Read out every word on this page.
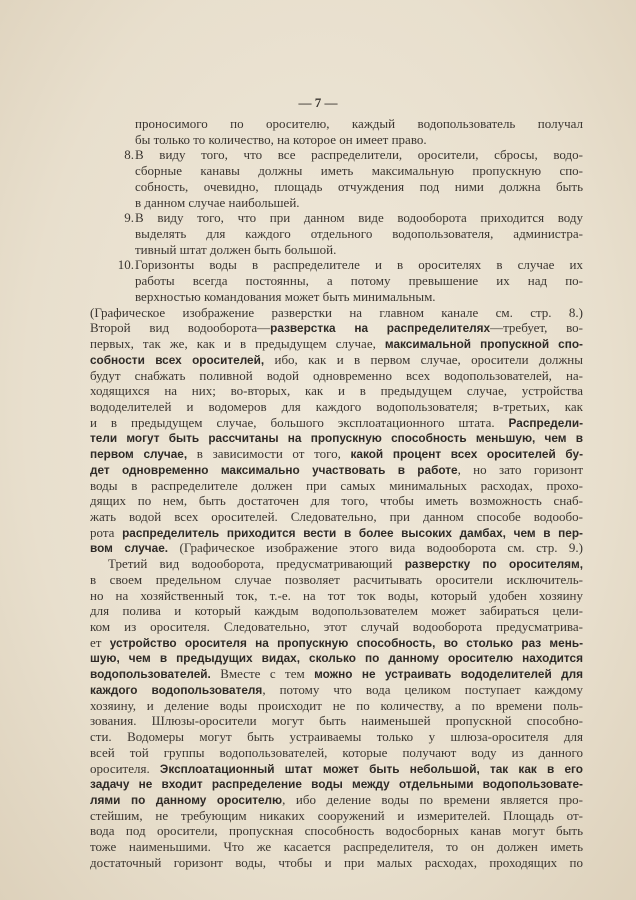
— 7 —
проносимого по оросителю, каждый водопользователь получал
бы только то количество, на которое он имеет право.
8. В виду того, что все распределители, оросители, сбросы, водо-
сборные канавы должны иметь максимальную пропускную спо-
собность, очевидно, площадь отчуждения под ними должна быть
в данном случае наибольшей.
9. В виду того, что при данном виде водооборота приходится воду
выделять для каждого отдельного водопользователя, администра-
тивный штат должен быть большой.
10. Горизонты воды в распределителе и в оросителях в случае их
работы всегда постоянны, а потому превышение их над по-
верхностью командования может быть минимальным.
(Графическое изображение разверстки на главном канале см. стр. 8.)
Второй вид водооборота—разверстка на распределителях—требует, во-
первых, так же, как и в предыдущем случае, максимальной пропускной спо-
собности всех оросителей, ибо, как и в первом случае, оросители должны
будут снабжать поливной водой одновременно всех водопользователей, на-
ходящихся на них; во-вторых, как и в предыдущем случае, устройства
вододелителей и водомеров для каждого водопользователя; в-третьих, как
и в предыдущем случае, большого эксплоатационного штата. Распредели-
тели могут быть рассчитаны на пропускную способность меньшую, чем в
первом случае, в зависимости от того, какой процент всех оросителей бу-
дет одновременно максимально участвовать в работе, но зато горизонт
воды в распределителе должен при самых минимальных расходах, прохо-
дящих по нем, быть достаточен для того, чтобы иметь возможность снаб-
жать водой всех оросителей. Следовательно, при данном способе водообо-
рота распределитель приходится вести в более высоких дамбах, чем в пер-
вом случае. (Графическое изображение этого вида водооборота см. стр. 9.)
Третий вид водооборота, предусматривающий разверстку по оросителям,
в своем предельном случае позволяет расчитывать оросители исключитель-
но на хозяйственный ток, т.-е. на тот ток воды, который удобен хозяину
для полива и который каждым водопользователем может забираться цели-
ком из оросителя. Следовательно, этот случай водооборота предусматрива-
ет устройство оросителя на пропускную способность, во столько раз мень-
шую, чем в предыдущих видах, сколько по данному оросителю находится
водопользователей. Вместе с тем можно не устраивать вододелителей для
каждого водопользователя, потому что вода целиком поступает каждому
хозяину, и деление воды происходит не по количеству, а по времени поль-
зования. Шлюзы-оросители могут быть наименьшей пропускной способно-
сти. Водомеры могут быть устраиваемы только у шлюза-оросителя для
всей той группы водопользователей, которые получают воду из данного
оросителя. Эксплоатационный штат может быть небольшой, так как в его
задачу не входит распределение воды между отдельными водопользовате-
лями по данному оросителю, ибо деление воды по времени является про-
стейшим, не требующим никаких сооружений и измерителей. Площадь от-
вода под оросители, пропускная способность водосборных канав могут быть
тоже наименьшими. Что же касается распределителя, то он должен иметь
достаточный горизонт воды, чтобы и при малых расходах, проходящих по
